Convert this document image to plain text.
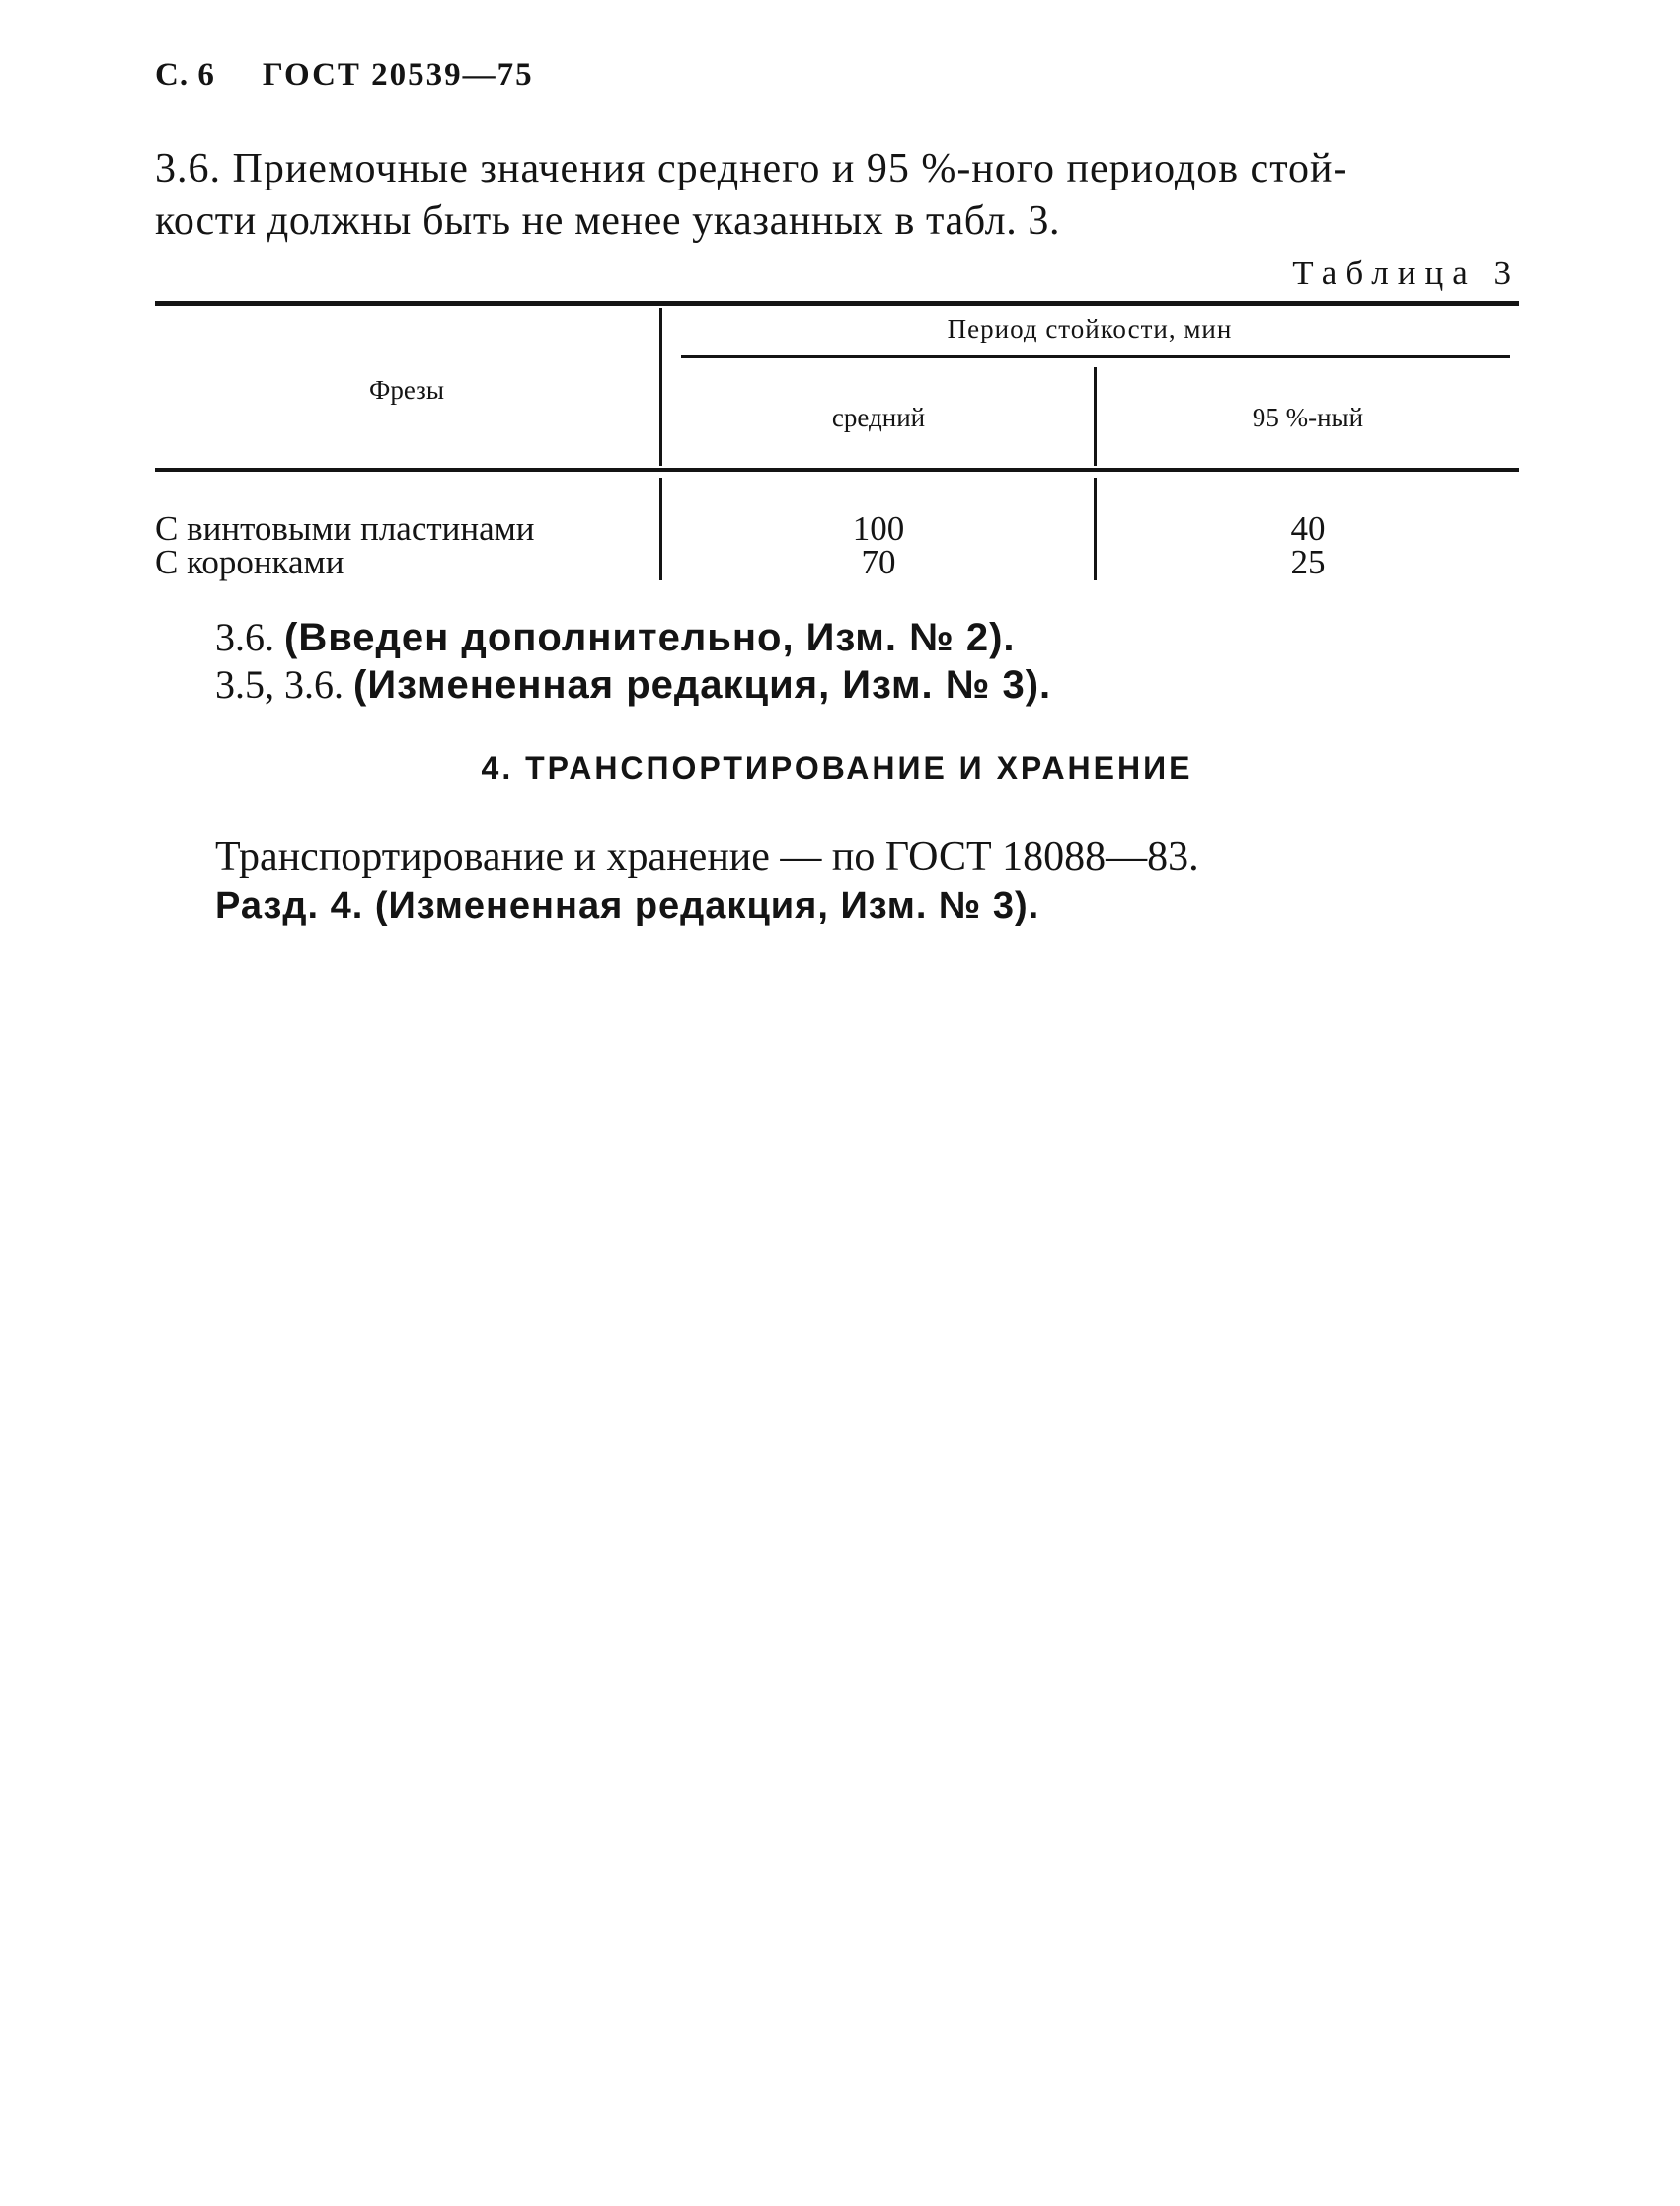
С. 6 ГОСТ 20539—75
3.6. Приемочные значения среднего и 95 %-ного периодов стой-
кости должны быть не менее указанных в табл. 3.
Таблица 3
Фрезы
Период стойкости, мин
средний	95 %-ный
С винтовыми пластинами	100	40
С коронками	70	25
3.6. (Введен дополнительно, Изм. № 2).
3.5, 3.6. (Измененная редакция, Изм. № 3).
4. ТРАНСПОРТИРОВАНИЕ И ХРАНЕНИЕ
Транспортирование и хранение — по ГОСТ 18088—83.
Разд. 4. (Измененная редакция, Изм. № 3).
